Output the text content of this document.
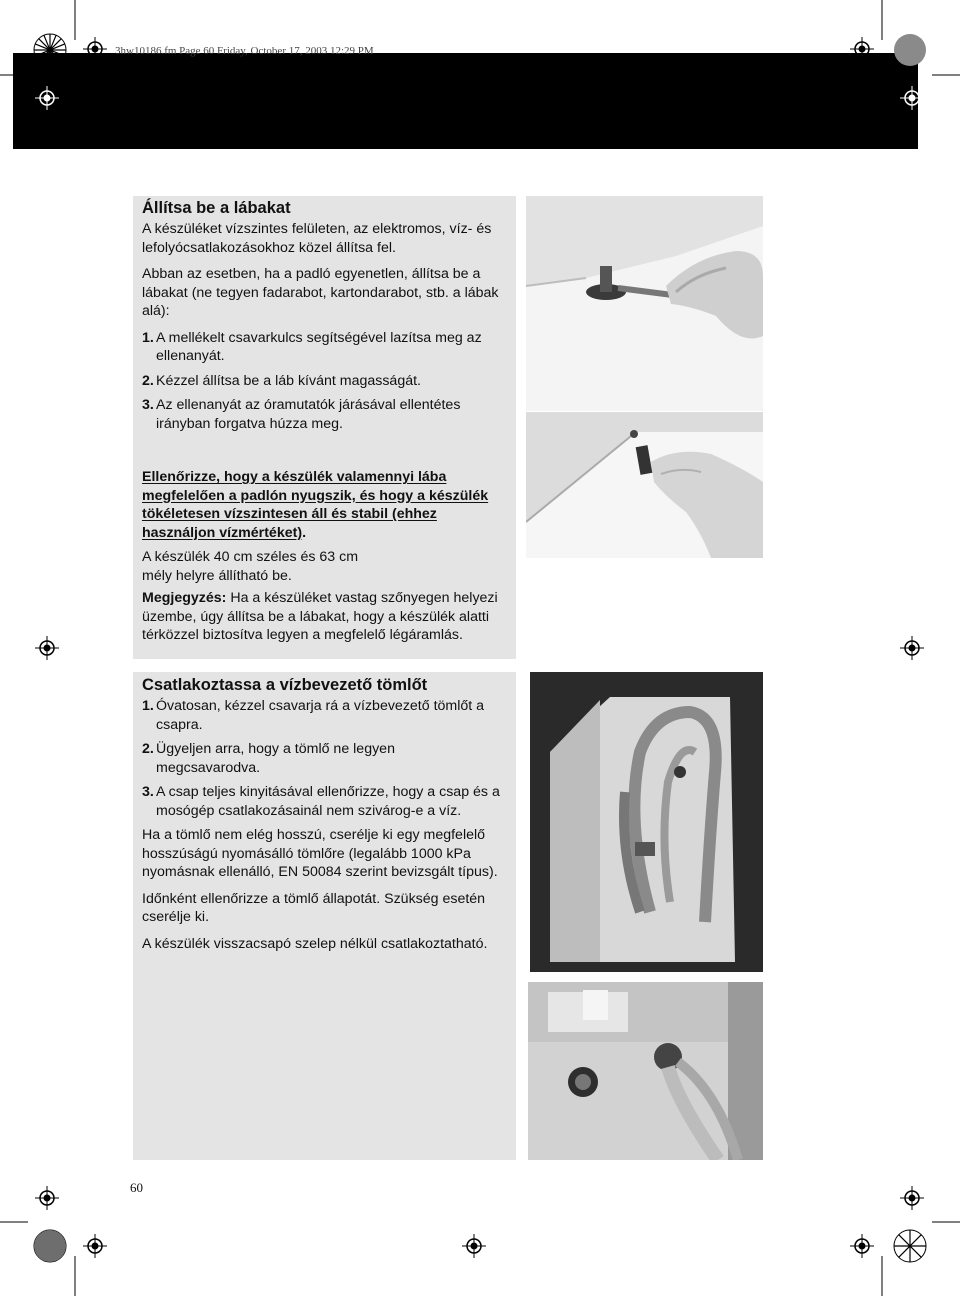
3hw10186.fm Page 60 Friday, October 17, 2003 12:29 PM
Állítsa be a lábakat
A készüléket vízszintes felületen, az elektromos, víz- és lefolyócsatlakozásokhoz közel állítsa fel.
Abban az esetben, ha a padló egyenetlen, állítsa be a lábakat (ne tegyen fadarabot, kartondarabot, stb. a lábak alá):
1. A mellékelt csavarkulcs segítségével lazítsa meg az ellenanyát.
2. Kézzel állítsa be a láb kívánt magasságát.
3. Az ellenanyát az óramutatók járásával ellentétes irányban forgatva húzza meg.
Ellenőrizze, hogy a készülék valamennyi lába megfelelően a padlón nyugszik, és hogy a készülék tökéletesen vízszintesen áll és stabil (ehhez használjon vízmértéket).
A készülék 40 cm széles és 63 cm mély helyre állítható be.
Megjegyzés: Ha a készüléket vastag szőnyegen helyezi üzembe, úgy állítsa be a lábakat, hogy a készülék alatti térközzel biztosítva legyen a megfelelő légáramlás.
Csatlakoztassa a vízbevezető tömlőt
1. Óvatosan, kézzel csavarja rá a vízbevezető tömlőt a csapra.
2. Ügyeljen arra, hogy a tömlő ne legyen megcsavarodva.
3. A csap teljes kinyitásával ellenőrizze, hogy a csap és a mosógép csatlakozásainál nem szivárog-e a víz.
Ha a tömlő nem elég hosszú, cserélje ki egy megfelelő hosszúságú nyomásálló tömlőre (legalább 1000 kPa nyomásnak ellenálló, EN 50084 szerint bevizsgált típus).
Időnként ellenőrizze a tömlő állapotát. Szükség esetén cserélje ki.
A készülék visszacsapó szelep nélkül csatlakoztatható.
60
